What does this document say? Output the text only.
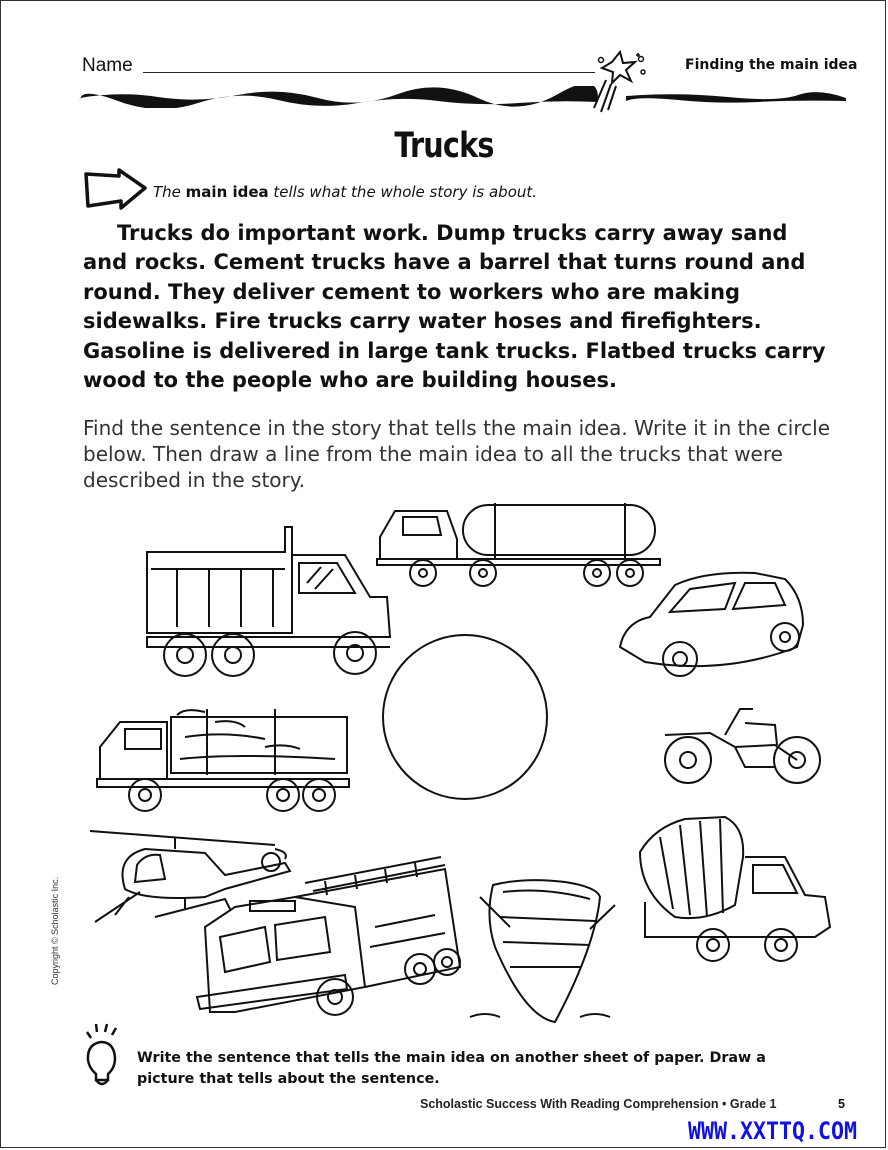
Name	Finding the main idea
Trucks
The main idea tells what the whole story is about.

Trucks do important work. Dump trucks carry away sand and rocks. Cement trucks have a barrel that turns round and round. They deliver cement to workers who are making sidewalks. Fire trucks carry water hoses and firefighters. Gasoline is delivered in large tank trucks. Flatbed trucks carry wood to the people who are building houses.

Find the sentence in the story that tells the main idea. Write it in the circle below. Then draw a line from the main idea to all the trucks that were described in the story.

Copyright © Scholastic Inc.
Write the sentence that tells the main idea on another sheet of paper. Draw a picture that tells about the sentence.
Scholastic Success With Reading Comprehension • Grade 1	5
WWW.XXTTQ.COM
